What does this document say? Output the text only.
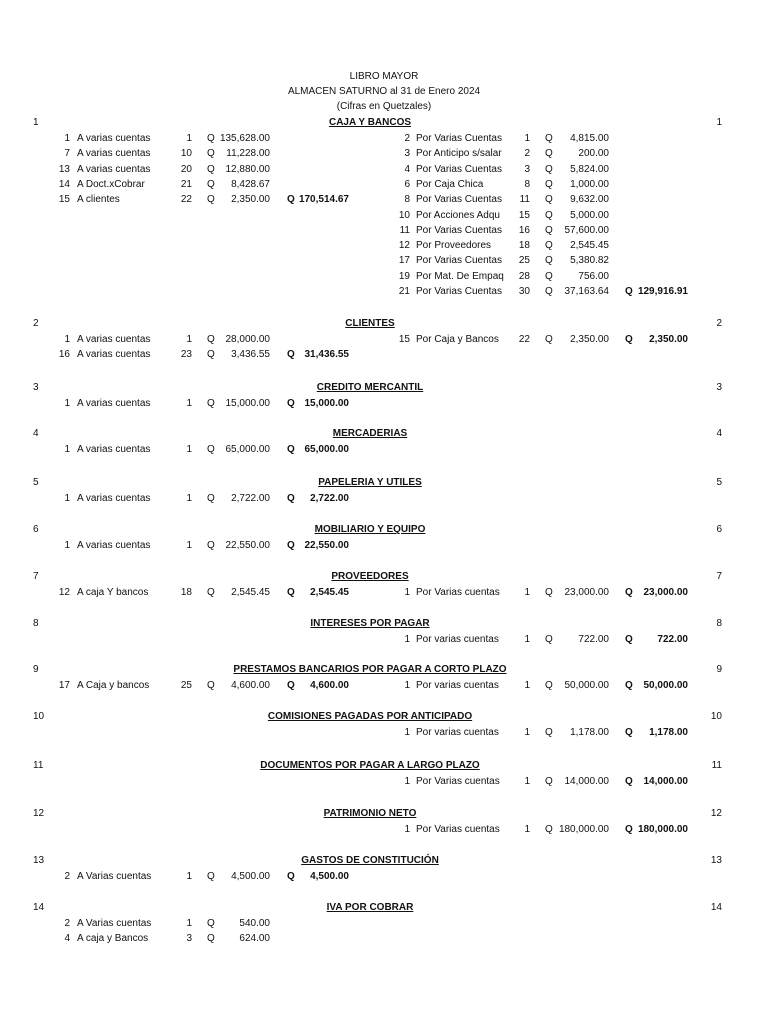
LIBRO MAYOR
ALMACEN SATURNO al 31 de Enero 2024
(Cifras en Quetzales)
1	1
CAJA Y BANCOS
1 A varias cuentas	1 Q 135,628.00
7 A varias cuentas	10 Q	11,228.00
13 A varias cuentas	20 Q	12,880.00
14 A Doct.xCobrar	21 Q	8,428.67
15 A clientes	22 Q	2,350.00 Q 170,514.67
2 Por Varias Cuentas	1 Q	4,815.00
3 Por Anticipo s/salar	2 Q	200.00
4 Por Varias Cuentas	3 Q	5,824.00
6 Por Caja Chica	8 Q	1,000.00
8 Por Varias Cuentas	11 Q	9,632.00
10 Por Acciones Adqu	15 Q	5,000.00
11 Por Varias Cuentas	16 Q	57,600.00
12 Por Proveedores	18 Q	2,545.45
17 Por Varias Cuentas	25 Q	5,380.82
19 Por Mat. De Empaq	28 Q	756.00
21 Por Varias Cuentas	30 Q	37,163.64 Q 129,916.91
2	2
CLIENTES
1 A varias cuentas	1 Q	28,000.00
16 A varias cuentas	23 Q	3,436.55 Q 31,436.55
15 Por Caja y Bancos	22 Q	2,350.00 Q	2,350.00
3	3
CREDITO MERCANTIL
1 A varias cuentas	1 Q	15,000.00 Q 15,000.00
4	4
MERCADERIAS
1 A varias cuentas	1 Q	65,000.00 Q 65,000.00
5	5
PAPELERIA Y UTILES
1 A varias cuentas	1 Q	2,722.00 Q	2,722.00
6	6
MOBILIARIO Y EQUIPO
1 A varias cuentas	1 Q	22,550.00 Q 22,550.00
7	7
PROVEEDORES
12 A caja Y bancos	18 Q	2,545.45 Q	2,545.45	1 Por Varias cuentas	1 Q	23,000.00 Q	23,000.00
8	8
INTERESES POR PAGAR
1 Por varias cuentas	1 Q	722.00 Q	722.00
9	9
PRESTAMOS BANCARIOS POR PAGAR A CORTO PLAZO
17 A Caja y bancos	25 Q	4,600.00 Q	4,600.00	1 Por varias cuentas	1 Q	50,000.00 Q	50,000.00
10	10
COMISIONES PAGADAS POR ANTICIPADO
1 Por varias cuentas	1 Q	1,178.00 Q	1,178.00
11	11
DOCUMENTOS POR PAGAR A LARGO PLAZO
1 Por Varias cuentas	1 Q	14,000.00 Q	14,000.00
12	12
PATRIMONIO NETO
1 Por Varias cuentas	1 Q 180,000.00 Q 180,000.00
13	13
GASTOS DE CONSTITUCIÓN
2 A Varias cuentas	1 Q	4,500.00 Q	4,500.00
14	14
IVA POR COBRAR
2 A Varias cuentas	1 Q	540.00
4 A caja y Bancos	3 Q	624.00
